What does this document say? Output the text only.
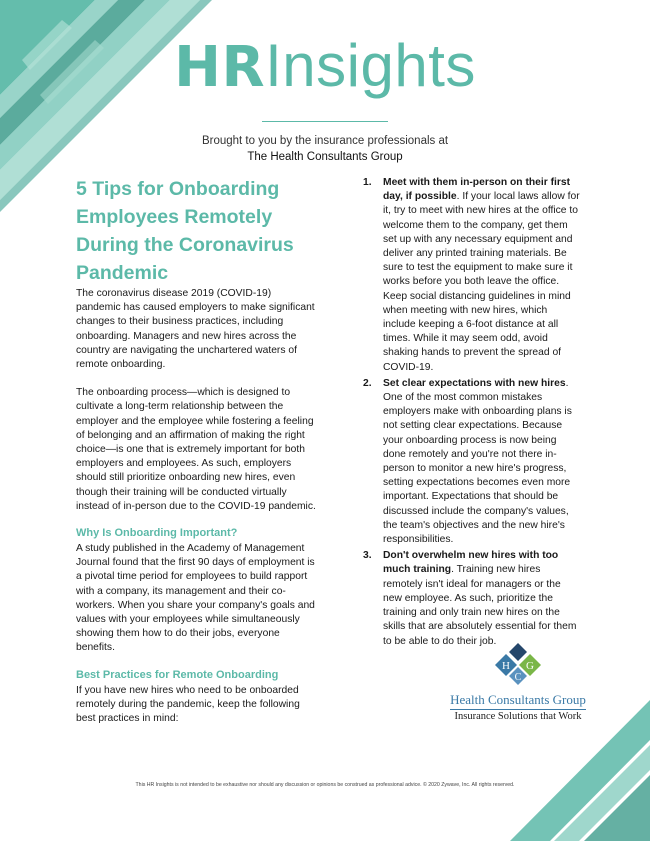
HRInsights
Brought to you by the insurance professionals at
The Health Consultants Group
5 Tips for Onboarding Employees Remotely During the Coronavirus Pandemic

The coronavirus disease 2019 (COVID-19) pandemic has caused employers to make significant changes to their business practices, including onboarding. Managers and new hires across the country are navigating the unchartered waters of remote onboarding.

The onboarding process—which is designed to cultivate a long-term relationship between the employer and the employee while fostering a feeling of belonging and an affirmation of making the right choice—is one that is extremely important for both employers and employees. As such, employers should still prioritize onboarding new hires, even though their training will be conducted virtually instead of in-person due to the COVID-19 pandemic.

Why Is Onboarding Important?

A study published in the Academy of Management Journal found that the first 90 days of employment is a pivotal time period for employees to build rapport with a company, its management and their co-workers. When you share your company's goals and values with your employees while simultaneously showing them how to do their jobs, everyone benefits.

Best Practices for Remote Onboarding

If you have new hires who need to be onboarded remotely during the pandemic, keep the following best practices in mind:

1. Meet with them in-person on their first day, if possible. If your local laws allow for it, try to meet with new hires at the office to welcome them to the company, get them set up with any necessary equipment and deliver any printed training materials. Be sure to test the equipment to make sure it works before you both leave the office. Keep social distancing guidelines in mind when meeting with new hires, which include keeping a 6-foot distance at all times. While it may seem odd, avoid shaking hands to prevent the spread of COVID-19.
2. Set clear expectations with new hires. One of the most common mistakes employers make with onboarding plans is not setting clear expectations. Because your onboarding process is now being done remotely and you're not there in-person to monitor a new hire's progress, setting expectations becomes even more important. Expectations that should be discussed include the company's values, the team's objectives and the new hire's responsibilities.
3. Don't overwhelm new hires with too much training. Training new hires remotely isn't ideal for managers or the new employee. As such, prioritize the training and only train new hires on the skills that are absolutely essential for them to be able to do their job.
H G
C
Health Consultants Group
Insurance Solutions that Work
This HR Insights is not intended to be exhaustive nor should any discussion or opinions be construed as professional advice. © 2020 Zywave, Inc. All rights reserved.
